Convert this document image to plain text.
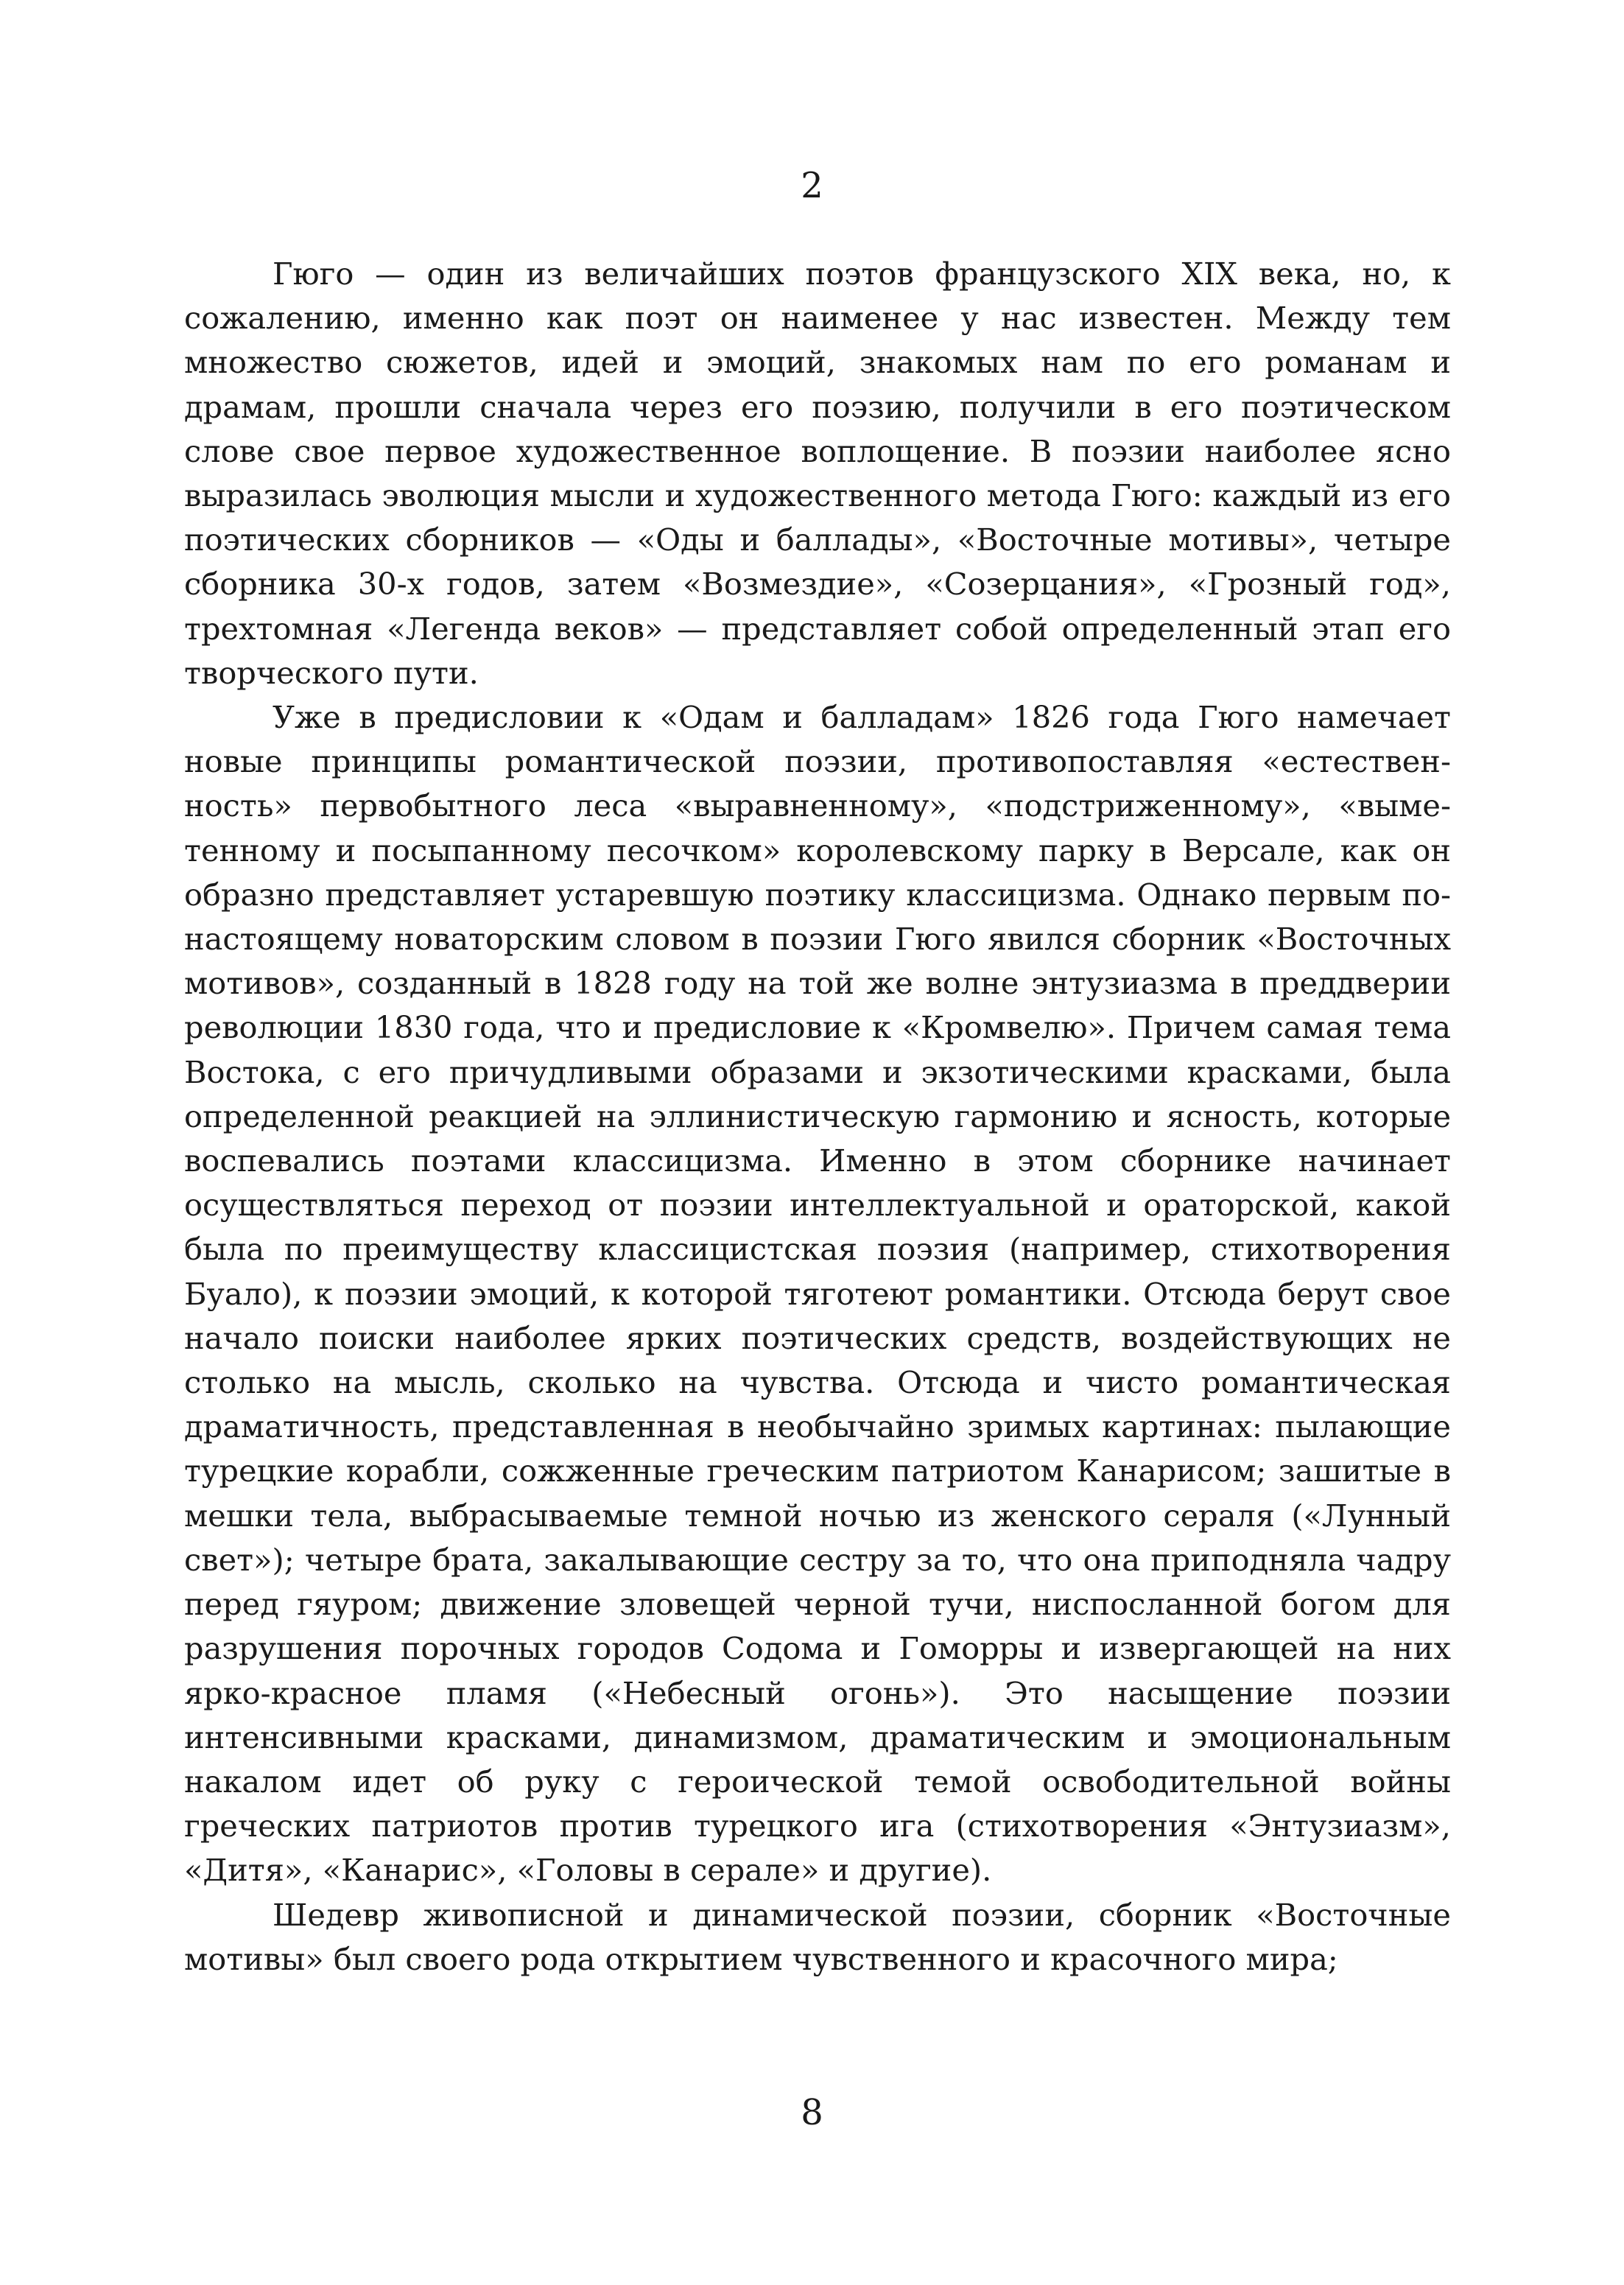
2

Гюго — один из величайших поэтов французского XIX века, но, к сожалению, именно как поэт он наименее у нас известен. Между тем множество сюжетов, идей и эмоций, знакомых нам по его романам и драмам, прошли сначала через его поэзию, получили в его поэтическом слове свое первое художественное воплощение. В поэзии наиболее ясно выразилась эволюция мысли и художественного метода Гюго: каждый из его поэтических сборников — «Оды и баллады», «Восточные мотивы», четыре сборника 30-х годов, затем «Возмездие», «Созерцания», «Грозный год», трехтомная «Легенда веков» — представляет собой определенный этап его творческого пути.

Уже в предисловии к «Одам и балладам» 1826 года Гюго намечает новые принципы романтической поэзии, противопоставляя «естественность» первобытного леса «выравненному», «подстриженному», «выметенному и посыпанному песочком» королевскому парку в Версале, как он образно представляет устаревшую поэтику классицизма. Однако первым по-настоящему новаторским словом в поэзии Гюго явился сборник «Восточных мотивов», созданный в 1828 году на той же волне энтузиазма в преддверии революции 1830 года, что и предисловие к «Кромвелю». Причем самая тема Востока, с его причудливыми образами и экзотическими красками, была определенной реакцией на эллинистическую гармонию и ясность, которые воспевались поэтами классицизма. Именно в этом сборнике начинает осуществляться переход от поэзии интеллектуальной и ораторской, какой была по преимуществу классицистская поэзия (например, стихотворения Буало), к поэзии эмоций, к которой тяготеют романтики. Отсюда берут свое начало поиски наиболее ярких поэтических средств, воздействующих не столько на мысль, сколько на чувства. Отсюда и чисто романтическая драматичность, представленная в необычайно зримых картинах: пылающие турецкие корабли, сожженные греческим патриотом Канарисом; зашитые в мешки тела, выбрасываемые темной ночью из женского сераля («Лунный свет»); четыре брата, закалывающие сестру за то, что она приподняла чадру перед гяуром; движение зловещей черной тучи, ниспосланной богом для разрушения порочных городов Содома и Гоморры и извергающей на них ярко-красное пламя («Небесный огонь»). Это насыщение поэзии интенсивными красками, динамизмом, драматическим и эмоциональным накалом идет об руку с героической темой освободительной войны греческих патриотов против турецкого ига (стихотворения «Энтузиазм», «Дитя», «Канарис», «Головы в серале» и другие).

Шедевр живописной и динамической поэзии, сборник «Восточные мотивы» был своего рода открытием чувственного и красочного мира;

8
